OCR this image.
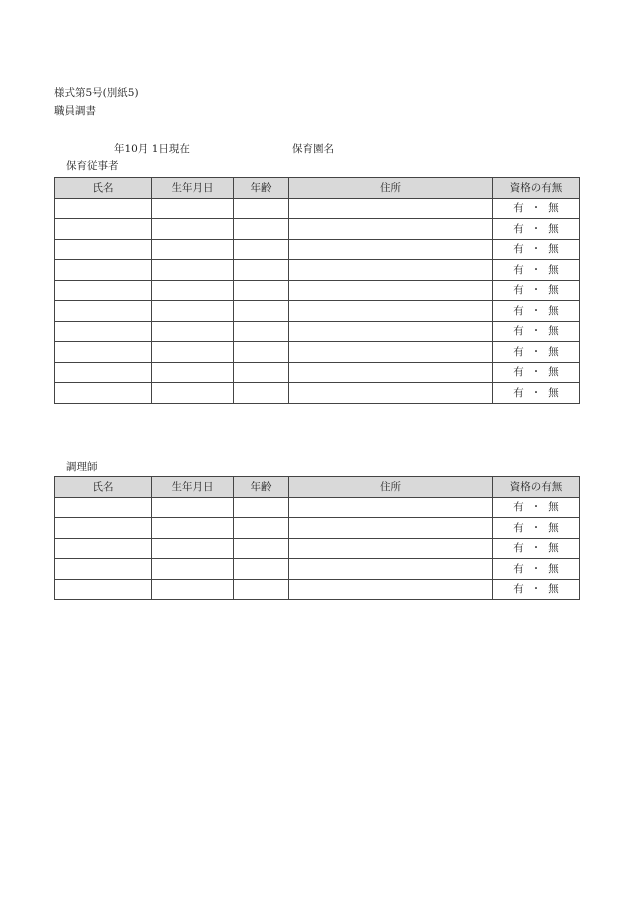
様式第5号(別紙5)
職員調書
年10月 1日現在	保育園名
保育従事者
氏名	生年月日	年齢	住所	資格の有無
				有 ・ 無
				有 ・ 無
				有 ・ 無
				有 ・ 無
				有 ・ 無
				有 ・ 無
				有 ・ 無
				有 ・ 無
				有 ・ 無
				有 ・ 無
調理師
氏名	生年月日	年齢	住所	資格の有無
				有 ・ 無
				有 ・ 無
				有 ・ 無
				有 ・ 無
				有 ・ 無
